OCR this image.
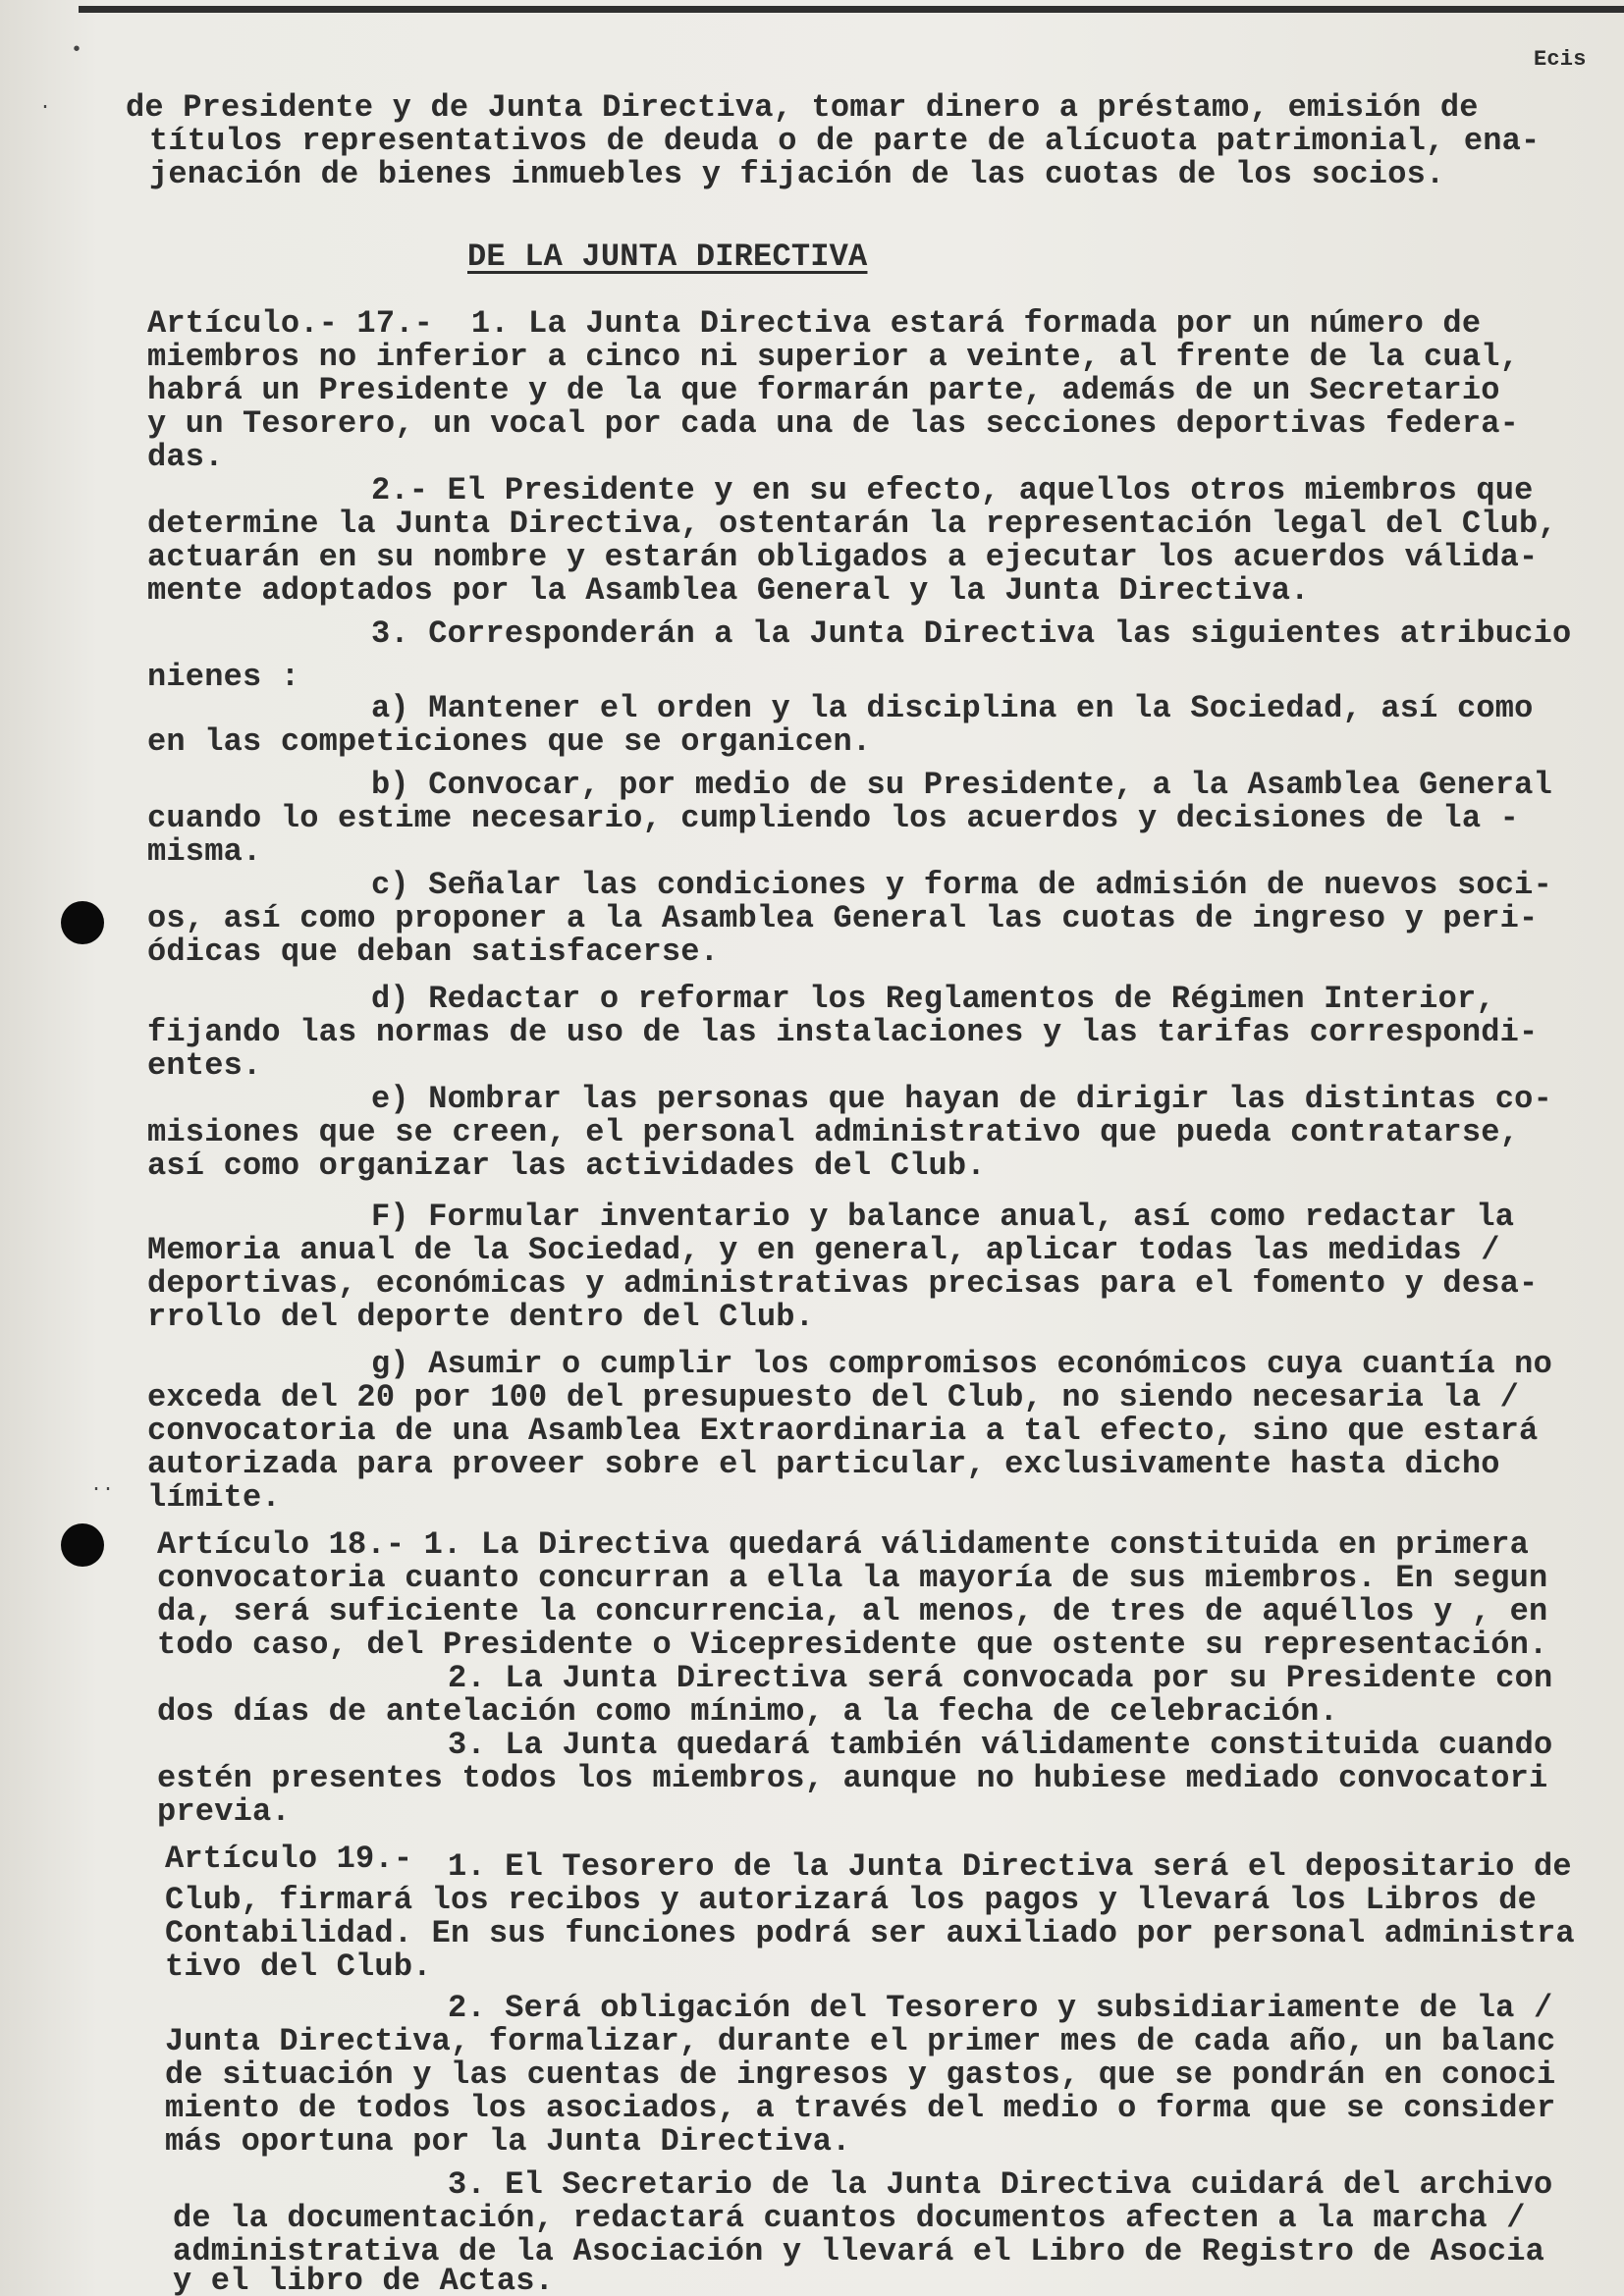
•
·
··
Ecis
de Presidente y de Junta Directiva, tomar dinero a préstamo, emisión de
títulos representativos de deuda o de parte de alícuota patrimonial, ena-
jenación de bienes inmuebles y fijación de las cuotas de los socios.
DE LA JUNTA DIRECTIVA
Artículo.- 17.-  1. La Junta Directiva estará formada por un número de
miembros no inferior a cinco ni superior a veinte, al frente de la cual,
habrá un Presidente y de la que formarán parte, además de un Secretario
y un Tesorero, un vocal por cada una de las secciones deportivas federa-
das.
2.- El Presidente y en su efecto, aquellos otros miembros que
determine la Junta Directiva, ostentarán la representación legal del Club,
actuarán en su nombre y estarán obligados a ejecutar los acuerdos válida-
mente adoptados por la Asamblea General y la Junta Directiva.
3. Corresponderán a la Junta Directiva las siguientes atribucio
nienes :
a) Mantener el orden y la disciplina en la Sociedad, así como
en las competiciones que se organicen.
b) Convocar, por medio de su Presidente, a la Asamblea General
cuando lo estime necesario, cumpliendo los acuerdos y decisiones de la -
misma.
c) Señalar las condiciones y forma de admisión de nuevos soci-
os, así como proponer a la Asamblea General las cuotas de ingreso y peri-
ódicas que deban satisfacerse.
d) Redactar o reformar los Reglamentos de Régimen Interior,
fijando las normas de uso de las instalaciones y las tarifas correspondi-
entes.
e) Nombrar las personas que hayan de dirigir las distintas co-
misiones que se creen, el personal administrativo que pueda contratarse,
así como organizar las actividades del Club.
F) Formular inventario y balance anual, así como redactar la
Memoria anual de la Sociedad, y en general, aplicar todas las medidas /
deportivas, económicas y administrativas precisas para el fomento y desa-
rrollo del deporte dentro del Club.
g) Asumir o cumplir los compromisos económicos cuya cuantía no
exceda del 20 por 100 del presupuesto del Club, no siendo necesaria la /
convocatoria de una Asamblea Extraordinaria a tal efecto, sino que estará
autorizada para proveer sobre el particular, exclusivamente hasta dicho
límite.
Artículo 18.- 1. La Directiva quedará válidamente constituida en primera
convocatoria cuanto concurran a ella la mayoría de sus miembros. En segun
da, será suficiente la concurrencia, al menos, de tres de aquéllos y , en
todo caso, del Presidente o Vicepresidente que ostente su representación.
2. La Junta Directiva será convocada por su Presidente con
dos días de antelación como mínimo, a la fecha de celebración.
3. La Junta quedará también válidamente constituida cuando
estén presentes todos los miembros, aunque no hubiese mediado convocatori
previa.
Artículo 19.- 1. El Tesorero de la Junta Directiva será el depositario de
Club, firmará los recibos y autorizará los pagos y llevará los Libros de
Contabilidad. En sus funciones podrá ser auxiliado por personal administra
tivo del Club.
2. Será obligación del Tesorero y subsidiariamente de la /
Junta Directiva, formalizar, durante el primer mes de cada año, un balanc
de situación y las cuentas de ingresos y gastos, que se pondrán en conoci
miento de todos los asociados, a través del medio o forma que se consider
más oportuna por la Junta Directiva.
3. El Secretario de la Junta Directiva cuidará del archivo
de la documentación, redactará cuantos documentos afecten a la marcha /
administrativa de la Asociación y llevará el Libro de Registro de Asocia
y el libro de Actas.
